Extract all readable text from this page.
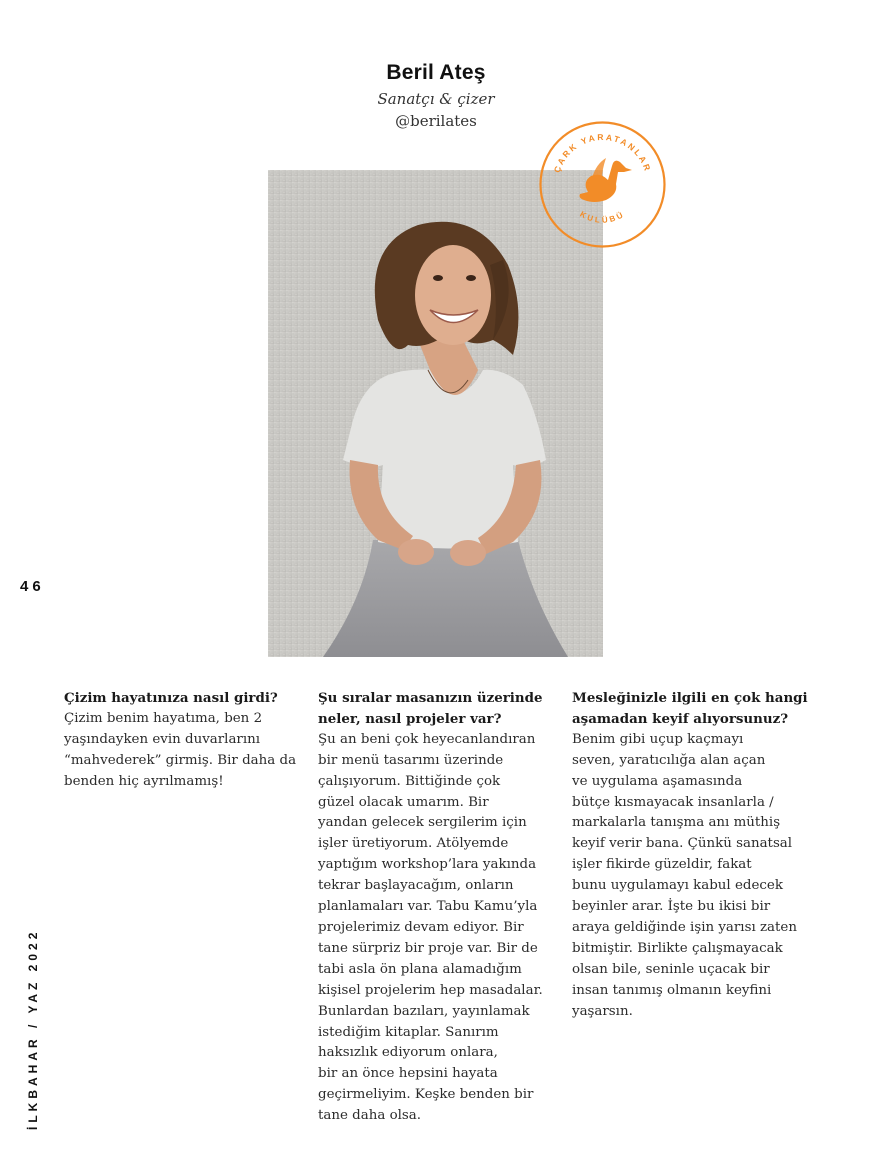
Beril Ateş
Sanatçı & çizer
@berilates
ÇARK YARATANLAR
KULÜBÜ
46
İLKBAHAR / YAZ 2022
Çizim hayatınıza nasıl girdi?
Çizim benim hayatıma, ben 2
yaşındayken evin duvarlarını
“mahvederek” girmiş. Bir daha da
benden hiç ayrılmamış!
Şu sıralar masanızın üzerinde
neler, nasıl projeler var?
Şu an beni çok heyecanlandıran
bir menü tasarımı üzerinde
çalışıyorum. Bittiğinde çok
güzel olacak umarım. Bir
yandan gelecek sergilerim için
işler üretiyorum. Atölyemde
yaptığım workshop’lara yakında
tekrar başlayacağım, onların
planlamaları var. Tabu Kamu’yla
projelerimiz devam ediyor. Bir
tane sürpriz bir proje var. Bir de
tabi asla ön plana alamadığım
kişisel projelerim hep masadalar.
Bunlardan bazıları, yayınlamak
istediğim kitaplar. Sanırım
haksızlık ediyorum onlara,
bir an önce hepsini hayata
geçirmeliyim. Keşke benden bir
tane daha olsa.
Mesleğinizle ilgili en çok hangi
aşamadan keyif alıyorsunuz?
Benim gibi uçup kaçmayı
seven, yaratıcılığa alan açan
ve uygulama aşamasında
bütçe kısmayacak insanlarla /
markalarla tanışma anı müthiş
keyif verir bana. Çünkü sanatsal
işler fikirde güzeldir, fakat
bunu uygulamayı kabul edecek
beyinler arar. İşte bu ikisi bir
araya geldiğinde işin yarısı zaten
bitmiştir. Birlikte çalışmayacak
olsan bile, seninle uçacak bir
insan tanımış olmanın keyfini
yaşarsın.
